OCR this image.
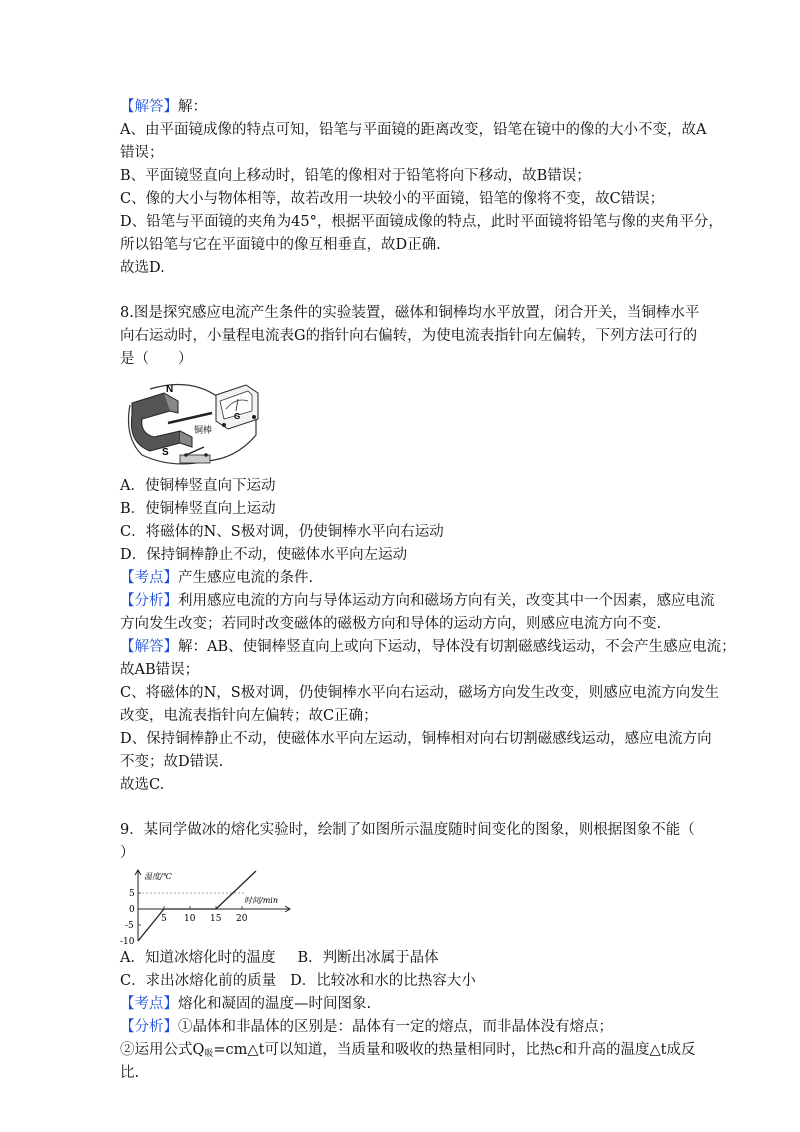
【解答】解：
A、由平面镜成像的特点可知，铅笔与平面镜的距离改变，铅笔在镜中的像的大小不变，故A
错误；
B、平面镜竖直向上移动时，铅笔的像相对于铅笔将向下移动，故B错误；
C、像的大小与物体相等，故若改用一块较小的平面镜，铅笔的像将不变，故C错误；
D、铅笔与平面镜的夹角为45°，根据平面镜成像的特点，此时平面镜将铅笔与像的夹角平分，
所以铅笔与它在平面镜中的像互相垂直，故D正确.
故选D.
8.图是探究感应电流产生条件的实验装置，磁体和铜棒均水平放置，闭合开关，当铜棒水平
向右运动时，小量程电流表G的指针向右偏转，为使电流表指针向左偏转，下列方法可行的
是（　　）
N
S
铜棒
G
A．使铜棒竖直向下运动
B．使铜棒竖直向上运动
C．将磁体的N、S极对调，仍使铜棒水平向右运动
D．保持铜棒静止不动，使磁体水平向左运动
【考点】产生感应电流的条件.
【分析】利用感应电流的方向与导体运动方向和磁场方向有关，改变其中一个因素，感应电流
方向发生改变；若同时改变磁体的磁极方向和导体的运动方向，则感应电流方向不变.
【解答】解：AB、使铜棒竖直向上或向下运动，导体没有切割磁感线运动，不会产生感应电流；
故AB错误；
C、将磁体的N，S极对调，仍使铜棒水平向右运动，磁场方向发生改变，则感应电流方向发生
改变，电流表指针向左偏转；故C正确；
D、保持铜棒静止不动，使磁体水平向左运动，铜棒相对向右切割磁感线运动，感应电流方向
不变；故D错误.
故选C.
9．某同学做冰的熔化实验时，绘制了如图所示温度随时间变化的图象，则根据图象不能（
）
温度/℃
时间/min
5
0
-5
-10
5 10 15 20
A．知道冰熔化时的温度 B．判断出冰属于晶体
C．求出冰熔化前的质量 D．比较冰和水的比热容大小
【考点】熔化和凝固的温度—时间图象.
【分析】①晶体和非晶体的区别是：晶体有一定的熔点，而非晶体没有熔点；
②运用公式$Q_吸=cm\triangle t$可以知道，当质量和吸收的热量相同时，比热c和升高的温度△t成反
比.
